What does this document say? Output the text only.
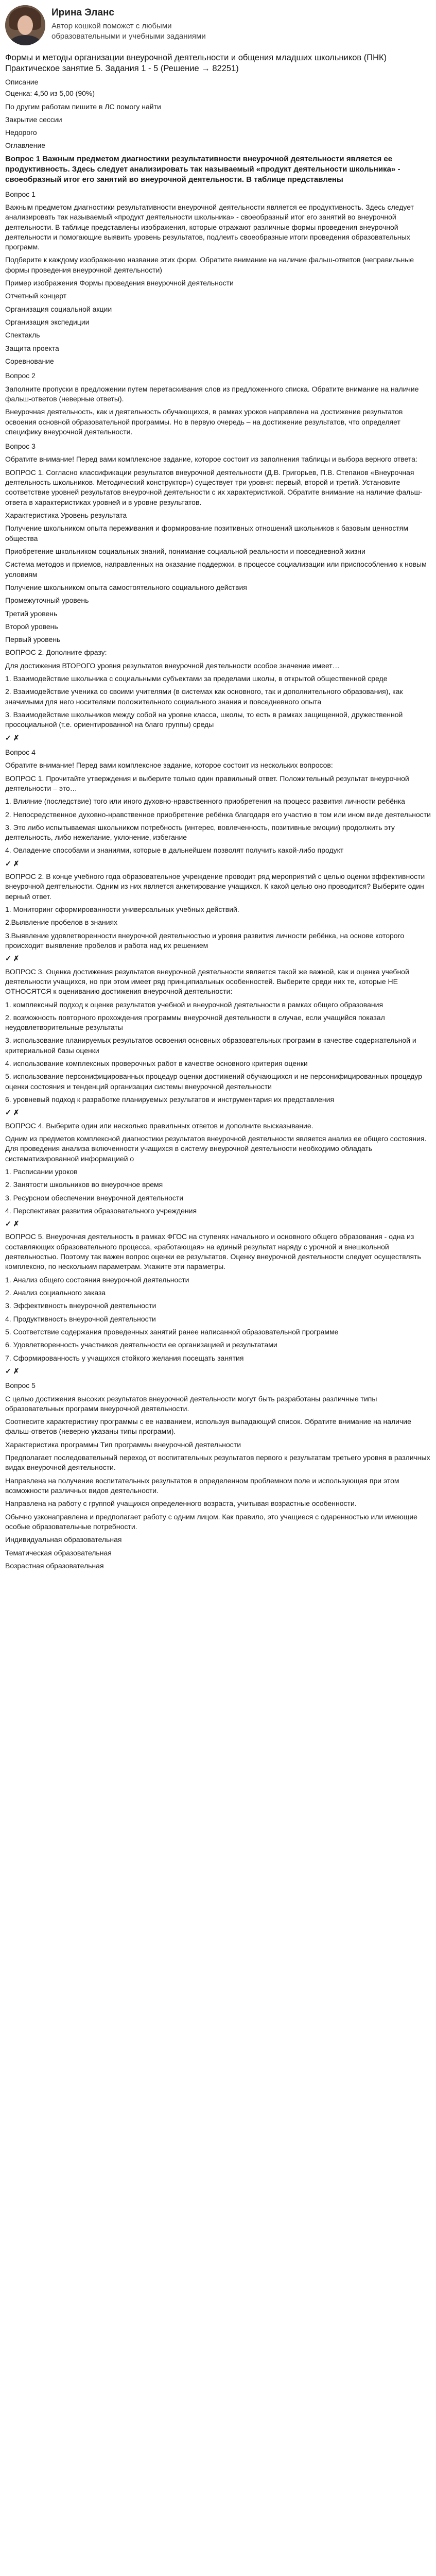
Ирина Эланс
Автор кошкой поможет с любыми образовательными и учебными заданиями
Формы и методы организации внеурочной деятельности и общения младших школьников (ПНК) Практическое занятие 5. Задания 1 - 5 (Решение → 82251)
Описание
Оценка: 4,50 из 5,00 (90%)
По другим работам пишите в ЛС помогу найти
Закрытие сессии
Недорого
Оглавление
Вопрос 1 Важным предметом диагностики результативности внеурочной деятельности является ее продуктивность. Здесь следует анализировать так называемый «продукт деятельности школьника» - своеобразный итог его занятий во внеурочной деятельности. В таблице представлены

Вопрос 1

Важным предметом диагностики результативности внеурочной деятельности является ее продуктивность. Здесь следует анализировать так называемый «продукт деятельности школьника» - своеобразный итог его занятий во внеурочной деятельности. В таблице представлены изображения, которые отражают различные формы проведения внеурочной деятельности и помогающие выявить уровень результатов, подлеить своеобразные итоги проведения образовательных программ.

Подберите к каждому изображению название этих форм. Обратите внимание на наличие фальш-ответов (неправильные формы проведения внеурочной деятельности)

Пример изображения Формы проведения внеурочной деятельности

Отчетный концерт

Организация социальной акции

Организация экспедиции

Спектакль

Защита проекта

Соревнование

Вопрос 2

Заполните пропуски в предложении путем перетаскивания слов из предложенного списка. Обратите внимание на наличие фальш-ответов (неверные ответы).

Внеурочная деятельность, как и деятельность обучающихся, в рамках уроков направлена на достижение результатов освоения основной образовательной программы. Но в первую очередь – на достижение результатов, что определяет специфику внеурочной деятельности.

Вопрос 3

Обратите внимание! Перед вами комплексное задание, которое состоит из заполнения таблицы и выбора верного ответа:

ВОПРОС 1. Согласно классификации результатов внеурочной деятельности (Д.В. Григорьев, П.В. Степанов «Внеурочная деятельность школьников. Методический конструктор») существует три уровня: первый, второй и третий. Установите соответствие уровней результатов внеурочной деятельности с их характеристикой. Обратите внимание на наличие фальш-ответа в характеристиках уровней и в уровне результатов.

Характеристика Уровень результата

Получение школьником опыта переживания и формирование позитивных отношений школьников к базовым ценностям общества

Приобретение школьником социальных знаний, понимание социальной реальности и повседневной жизни

Система методов и приемов, направленных на оказание поддержки, в процессе социализации или приспособлению к новым условиям

Получение школьником опыта самостоятельного социального действия

Промежуточный уровень

Третий уровень

Второй уровень

Первый уровень

ВОПРОС 2. Дополните фразу:

Для достижения ВТОРОГО уровня результатов внеурочной деятельности особое значение имеет…

1. Взаимодействие школьника с социальными субъектами за пределами школы, в открытой общественной среде

2. Взаимодействие ученика со своими учителями (в системах как основного, так и дополнительного образования), как значимыми для него носителями положительного социального знания и повседневного опыта

3. Взаимодействие школьников между собой на уровне класса, школы, то есть в рамках защищенной, дружественной просоциальной (т.е. ориентированной на благо группы) среды

✓ ✗

Вопрос 4

Обратите внимание! Перед вами комплексное задание, которое состоит из нескольких вопросов:

ВОПРОС 1. Прочитайте утверждения и выберите только один правильный ответ. Положительный результат внеурочной деятельности – это…

1. Влияние (последствие) того или иного духовно-нравственного приобретения на процесс развития личности ребёнка

2. Непосредственное духовно-нравственное приобретение ребёнка благодаря его участию в том или ином виде деятельности

3. Это либо испытываемая школьником потребность (интерес, вовлеченность, позитивные эмоции) продолжить эту деятельность, либо нежелание, уклонение, избегание

4. Овладение способами и знаниями, которые в дальнейшем позволят получить какой-либо продукт

✓ ✗

ВОПРОС 2. В конце учебного года образовательное учреждение проводит ряд мероприятий с целью оценки эффективности внеурочной деятельности. Одним из них является анкетирование учащихся. К какой целью оно проводится? Выберите один верный ответ.

1. Мониторинг сформированности универсальных учебных действий.

2.Выявление пробелов в знаниях

3.Выявление удовлетворенности внеурочной деятельностью и уровня развития личности ребёнка, на основе которого происходит выявление пробелов и работа над их решением

✓ ✗

ВОПРОС 3. Оценка достижения результатов внеурочной деятельности является такой же важной, как и оценка учебной деятельности учащихся, но при этом имеет ряд принципиальных особенностей. Выберите среди них те, которые НЕ ОТНОСЯТСЯ к оцениванию достижения внеурочной деятельности:

1. комплексный подход к оценке результатов учебной и внеурочной деятельности в рамках общего образования

2. возможность повторного прохождения программы внеурочной деятельности в случае, если учащийся показал неудовлетворительные результаты

3. использование планируемых результатов освоения основных образовательных программ в качестве содержательной и критериальной базы оценки

4. использование комплексных проверочных работ в качестве основного критерия оценки

5. использование персонифицированных процедур оценки достижений обучающихся и не персонифицированных процедур оценки состояния и тенденций организации системы внеурочной деятельности

6. уровневый подход к разработке планируемых результатов и инструментария их представления

✓ ✗

ВОПРОС 4. Выберите один или несколько правильных ответов и дополните высказывание.

Одним из предметов комплексной диагностики результатов внеурочной деятельности является анализ ее общего состояния. Для проведения анализа включенности учащихся в систему внеурочной деятельности необходимо обладать систематизированной информацией о

1. Расписании уроков

2. Занятости школьников во внеурочное время

3. Ресурсном обеспечении внеурочной деятельности

4. Перспективах развития образовательного учреждения

✓ ✗

ВОПРОС 5. Внеурочная деятельность в рамках ФГОС на ступенях начального и основного общего образования - одна из составляющих образовательного процесса, «работающая» на единый результат наряду с урочной и внешкольной деятельностью. Поэтому так важен вопрос оценки ее результатов. Оценку внеурочной деятельности следует осуществлять комплексно, по нескольким параметрам. Укажите эти параметры.

1. Анализ общего состояния внеурочной деятельности

2. Анализ социального заказа

3. Эффективность внеурочной деятельности

4. Продуктивность внеурочной деятельности

5. Соответствие содержания проведенных занятий ранее написанной образовательной программе

6. Удовлетворенность участников деятельности ее организацией и результатами

7. Сформированность у учащихся стойкого желания посещать занятия

✓ ✗

Вопрос 5

С целью достижения высоких результатов внеурочной деятельности могут быть разработаны различные типы образовательных программ внеурочной деятельности.

Соотнесите характеристику программы с ее названием, используя выпадающий список. Обратите внимание на наличие фальш-ответов (неверно указаны типы программ).

Характеристика программы Тип программы внеурочной деятельности

Предполагает последовательный переход от воспитательных результатов первого к результатам третьего уровня в различных видах внеурочной деятельности.

Направлена на получение воспитательных результатов в определенном проблемном поле и использующая при этом возможности различных видов деятельности.

Направлена на работу с группой учащихся определенного возраста, учитывая возрастные особенности.

Обычно узконаправлена и предполагает работу с одним лицом. Как правило, это учащиеся с одаренностью или имеющие особые образовательные потребности.

Индивидуальная образовательная

Тематическая образовательная

Возрастная образовательная
